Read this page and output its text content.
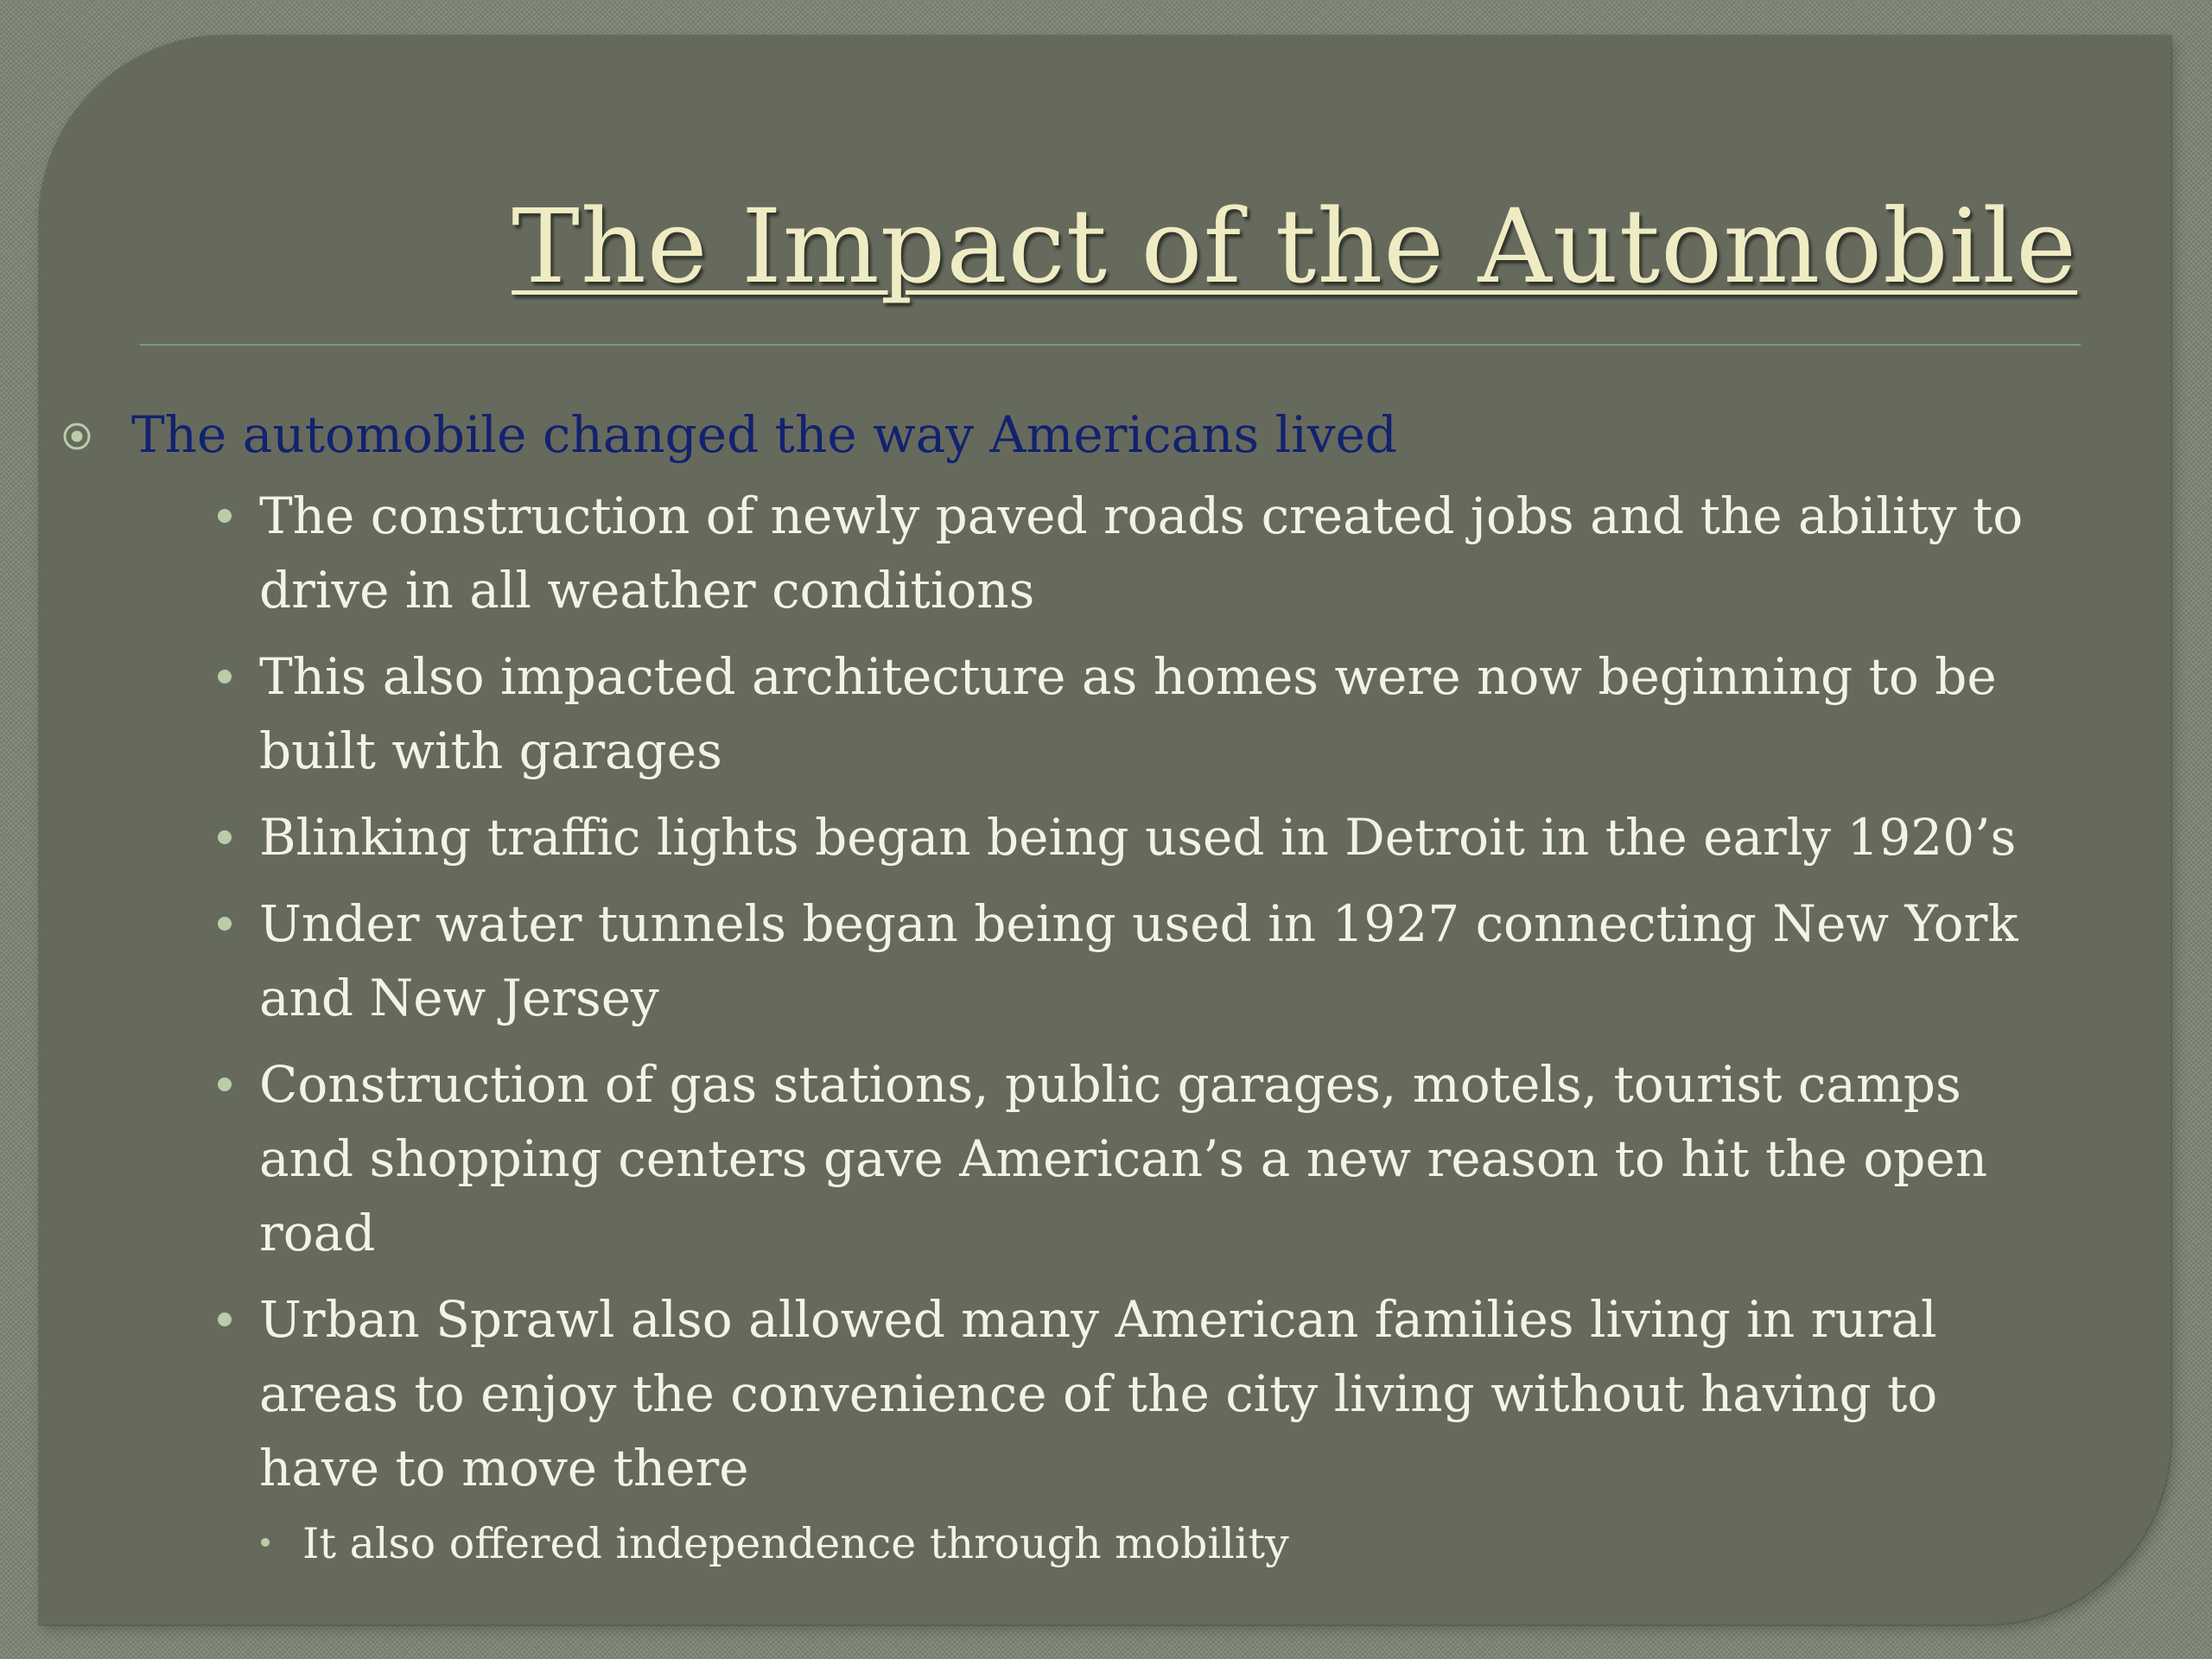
The Impact of the Automobile
The automobile changed the way Americans lived
The construction of newly paved roads created jobs and the ability to drive in all weather conditions
This also impacted architecture as homes were now beginning to be built with garages
Blinking traffic lights began being used in Detroit in the early 1920’s
Under water tunnels began being used in 1927 connecting New York and New Jersey
Construction of gas stations, public garages, motels, tourist camps and shopping centers gave American’s a new reason to hit the open road
Urban Sprawl also allowed many American families living in rural areas to enjoy the convenience of the city living without having to have to move there
It also offered independence through mobility
